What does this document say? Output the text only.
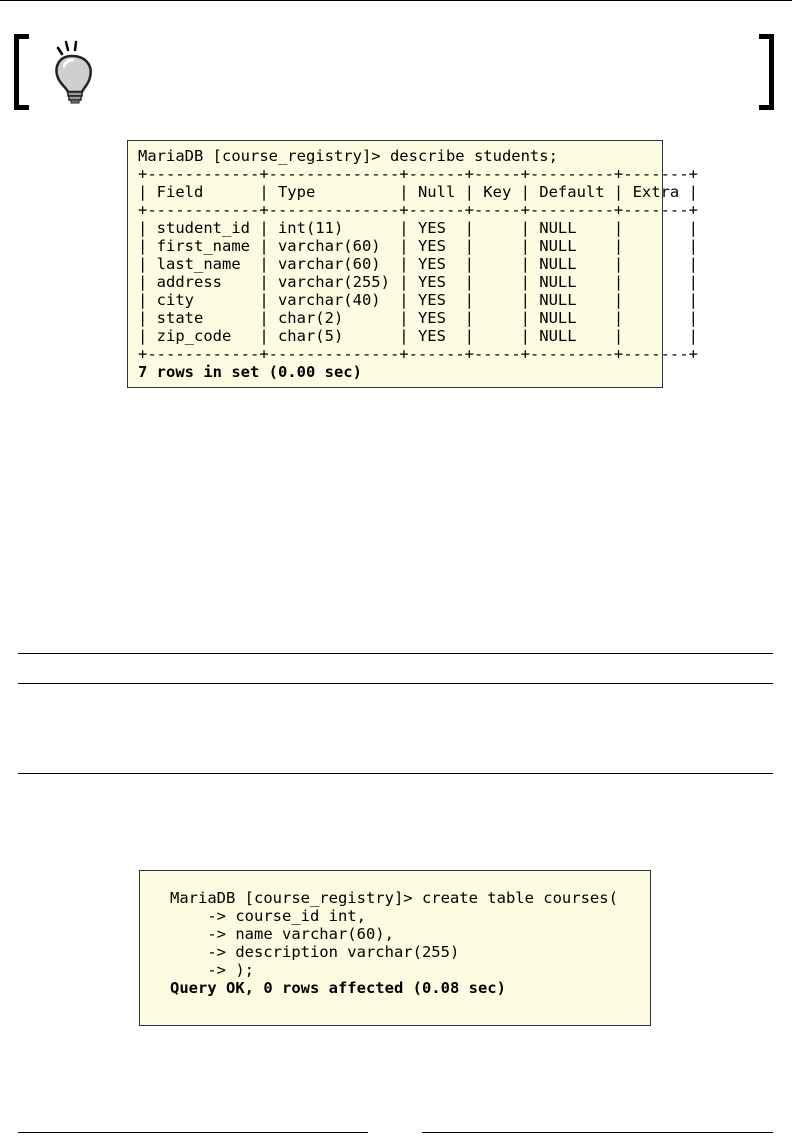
MariaDB [course_registry]> describe students;
+------------+--------------+------+-----+---------+-------+
| Field      | Type         | Null | Key | Default | Extra |
+------------+--------------+------+-----+---------+-------+
| student_id | int(11)      | YES  |     | NULL    |       |
| first_name | varchar(60)  | YES  |     | NULL    |       |
| last_name  | varchar(60)  | YES  |     | NULL    |       |
| address    | varchar(255) | YES  |     | NULL    |       |
| city       | varchar(40)  | YES  |     | NULL    |       |
| state      | char(2)      | YES  |     | NULL    |       |
| zip_code   | char(5)      | YES  |     | NULL    |       |
+------------+--------------+------+-----+---------+-------+
7 rows in set (0.00 sec)
MariaDB [course_registry]> create table courses(
-> course_id int,
-> name varchar(60),
-> description varchar(255)
-> );
Query OK, 0 rows affected (0.08 sec)
